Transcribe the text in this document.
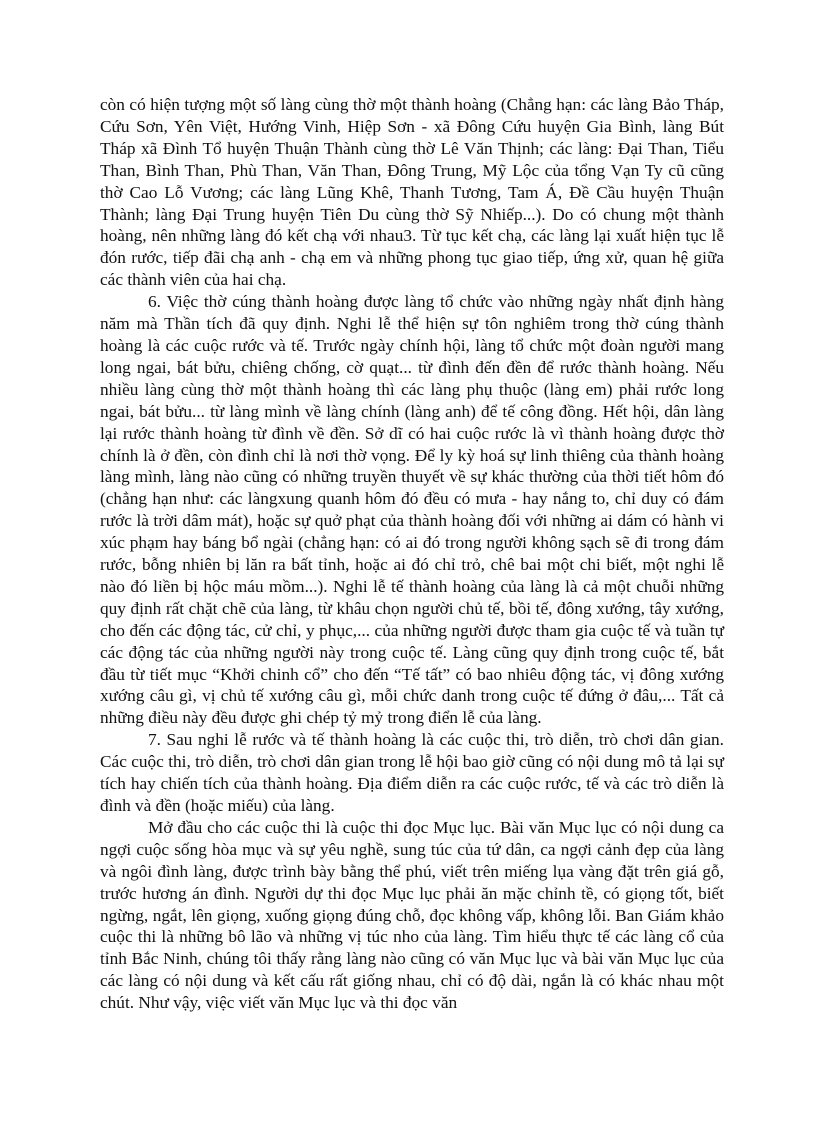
còn có hiện tượng một số làng cùng thờ một thành hoàng (Chẳng hạn: các làng Bảo Tháp, Cứu Sơn, Yên Việt, Hướng Vinh, Hiệp Sơn - xã Đông Cứu huyện Gia Bình, làng Bút Tháp xã Đình Tổ huyện Thuận Thành cùng thờ Lê Văn Thịnh; các làng: Đại Than, Tiểu Than, Bình Than, Phù Than, Văn Than, Đông Trung, Mỹ Lộc của tổng Vạn Ty cũ cũng thờ Cao Lỗ Vương; các làng Lũng Khê, Thanh Tương, Tam Á, Đề Cầu huyện Thuận Thành; làng Đại Trung huyện Tiên Du cùng thờ Sỹ Nhiếp...). Do có chung một thành hoàng, nên những làng đó kết chạ với nhau3. Từ tục kết chạ, các làng lại xuất hiện tục lễ đón rước, tiếp đãi chạ anh - chạ em và những phong tục giao tiếp, ứng xử, quan hệ giữa các thành viên của hai chạ.

6. Việc thờ cúng thành hoàng được làng tổ chức vào những ngày nhất định hàng năm mà Thần tích đã quy định. Nghi lễ thể hiện sự tôn nghiêm trong thờ cúng thành hoàng là các cuộc rước và tế. Trước ngày chính hội, làng tổ chức một đoàn người mang long ngai, bát bửu, chiêng chống, cờ quạt... từ đình đến đền để rước thành hoàng. Nếu nhiều làng cùng thờ một thành hoàng thì các làng phụ thuộc (làng em) phải rước long ngai, bát bửu... từ làng mình về làng chính (làng anh) để tế công đồng. Hết hội, dân làng lại rước thành hoàng từ đình về đền. Sở dĩ có hai cuộc rước là vì thành hoàng được thờ chính là ở đền, còn đình chỉ là nơi thờ vọng. Để ly kỳ hoá sự linh thiêng của thành hoàng làng mình, làng nào cũng có những truyền thuyết về sự khác thường của thời tiết hôm đó (chẳng hạn như: các làngxung quanh hôm đó đều có mưa - hay nắng to, chỉ duy có đám rước là trời dâm mát), hoặc sự quở phạt của thành hoàng đối với những ai dám có hành vi xúc phạm hay báng bổ ngài (chẳng hạn: có ai đó trong người không sạch sẽ đi trong đám rước, bỗng nhiên bị lăn ra bất tỉnh, hoặc ai đó chỉ trỏ, chê bai một chi biết, một nghi lễ nào đó liền bị hộc máu mồm...). Nghi lễ tế thành hoàng của làng là cả một chuỗi những quy định rất chặt chẽ của làng, từ khâu chọn người chủ tế, bồi tế, đông xướng, tây xướng, cho đến các động tác, cử chỉ, y phục,... của những người được tham gia cuộc tế và tuần tự các động tác của những người này trong cuộc tế. Làng cũng quy định trong cuộc tế, bắt đầu từ tiết mục “Khởi chinh cổ” cho đến “Tế tất” có bao nhiêu động tác, vị đông xướng xướng câu gì, vị chủ tế xướng câu gì, mỗi chức danh trong cuộc tế đứng ở đâu,... Tất cả những điều này đều được ghi chép tỷ mỷ trong điển lễ của làng.

7. Sau nghi lễ rước và tế thành hoàng là các cuộc thi, trò diễn, trò chơi dân gian. Các cuộc thi, trò diễn, trò chơi dân gian trong lễ hội bao giờ cũng có nội dung mô tả lại sự tích hay chiến tích của thành hoàng. Địa điểm diễn ra các cuộc rước, tế và các trò diễn là đình và đền (hoặc miếu) của làng.

Mở đầu cho các cuộc thi là cuộc thi đọc Mục lục. Bài văn Mục lục có nội dung ca ngợi cuộc sống hòa mục và sự yêu nghề, sung túc của tứ dân, ca ngợi cảnh đẹp của làng và ngôi đình làng, được trình bày bằng thể phú, viết trên miếng lụa vàng đặt trên giá gỗ, trước hương án đình. Người dự thi đọc Mục lục phải ăn mặc chỉnh tề, có giọng tốt, biết ngừng, ngắt, lên giọng, xuống giọng đúng chỗ, đọc không vấp, không lỗi. Ban Giám khảo cuộc thi là những bô lão và những vị túc nho của làng. Tìm hiểu thực tế các làng cổ của tỉnh Bắc Ninh, chúng tôi thấy rằng làng nào cũng có văn Mục lục và bài văn Mục lục của các làng có nội dung và kết cấu rất giống nhau, chỉ có độ dài, ngắn là có khác nhau một chút. Như vậy, việc viết văn Mục lục và thi đọc văn
